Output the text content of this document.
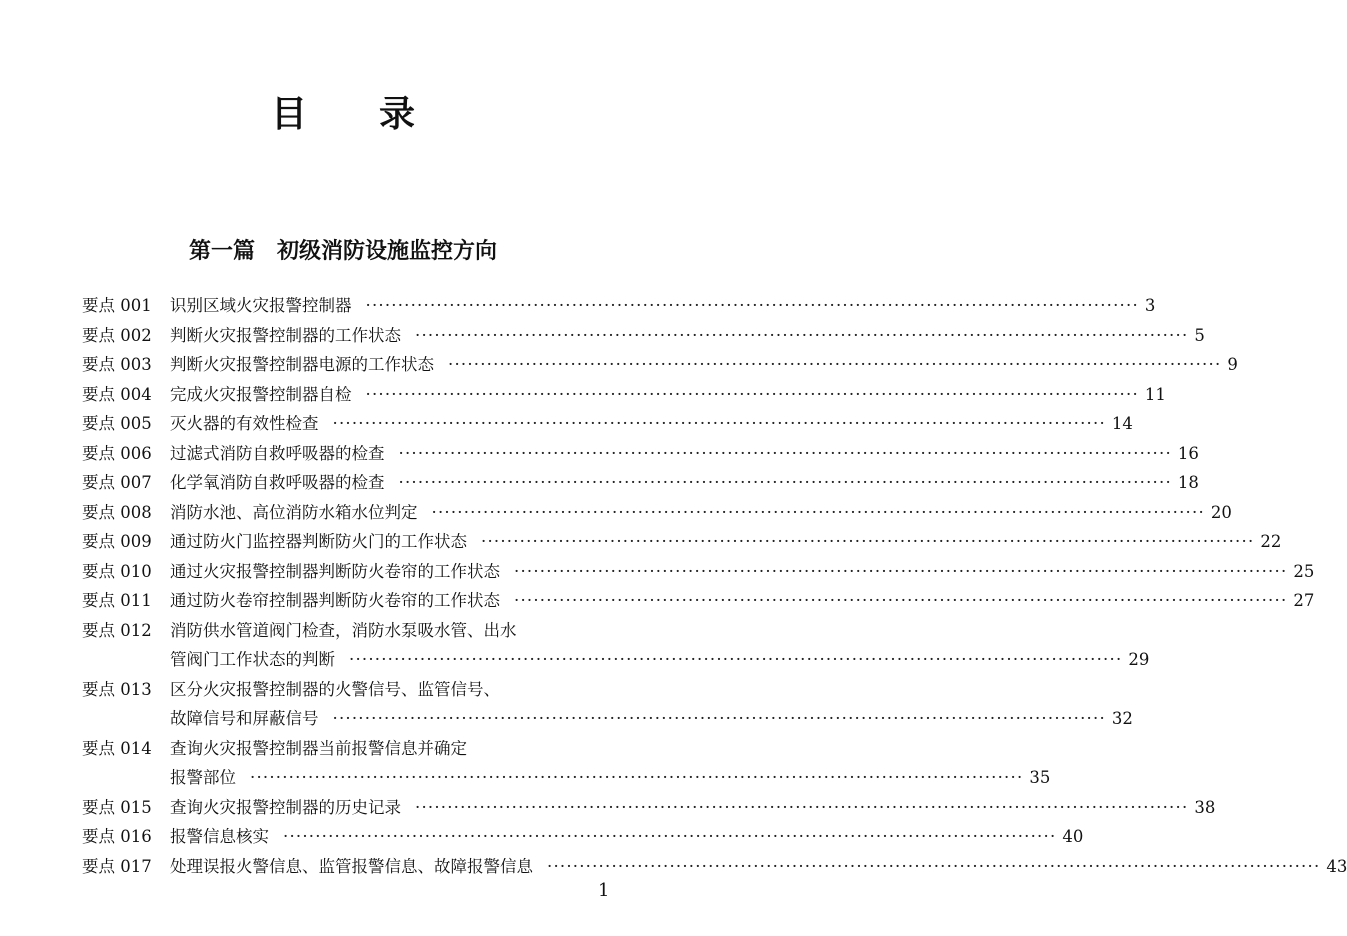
目 录
第一篇 初级消防设施监控方向
要点 001	识别区域火灾报警控制器 ························································································································ 3
要点 002	判断火灾报警控制器的工作状态 ························································································································ 5
要点 003	判断火灾报警控制器电源的工作状态 ························································································································ 9
要点 004	完成火灾报警控制器自检 ························································································································ 11
要点 005	灭火器的有效性检查 ························································································································ 14
要点 006	过滤式消防自救呼吸器的检查 ························································································································ 16
要点 007	化学氧消防自救呼吸器的检查 ························································································································ 18
要点 008	消防水池、高位消防水箱水位判定 ························································································································ 20
要点 009	通过防火门监控器判断防火门的工作状态 ························································································································ 22
要点 010	通过火灾报警控制器判断防火卷帘的工作状态 ························································································································ 25
要点 011	通过防火卷帘控制器判断防火卷帘的工作状态 ························································································································ 27
要点 012	消防供水管道阀门检查，消防水泵吸水管、出水
管阀门工作状态的判断 ························································································································ 29
要点 013	区分火灾报警控制器的火警信号、监管信号、
故障信号和屏蔽信号 ························································································································ 32
要点 014	查询火灾报警控制器当前报警信息并确定
报警部位 ························································································································ 35
要点 015	查询火灾报警控制器的历史记录 ························································································································ 38
要点 016	报警信息核实 ························································································································ 40
要点 017	处理误报火警信息、监管报警信息、故障报警信息 ························································································································ 43
1
